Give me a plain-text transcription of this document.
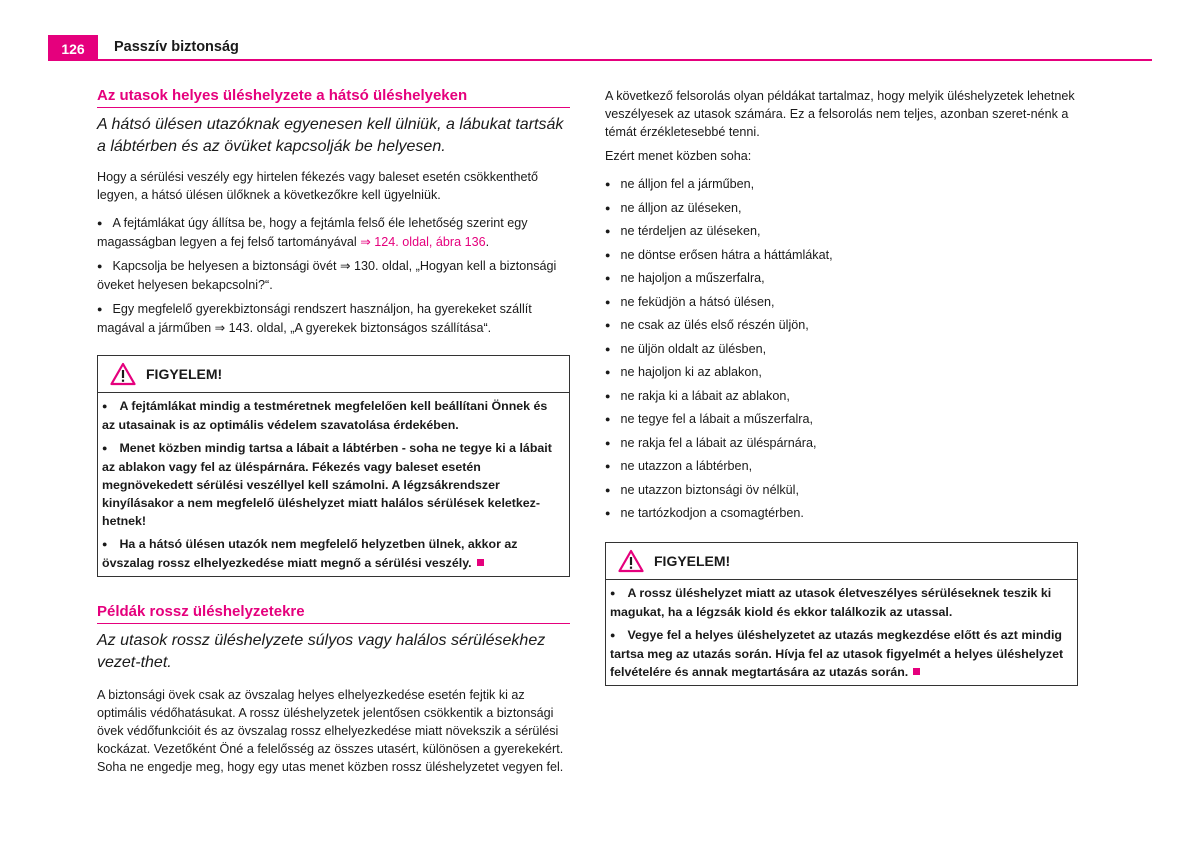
126	Passzív biztonság
Az utasok helyes üléshelyzete a hátsó üléshelyeken

A hátsó ülésen utazóknak egyenesen kell ülniük, a lábukat tartsák a lábtérben és az övüket kapcsolják be helyesen.

Hogy a sérülési veszély egy hirtelen fékezés vagy baleset esetén csökkenthető legyen, a hátsó ülésen ülőknek a következőkre kell ügyelniük.

● A fejtámlákat úgy állítsa be, hogy a fejtámla felső éle lehetőség szerint egy magasságban legyen a fej felső tartományával ⇒ 124. oldal, ábra 136.

● Kapcsolja be helyesen a biztonsági övét ⇒ 130. oldal, „Hogyan kell a biztonsági öveket helyesen bekapcsolni?“.

● Egy megfelelő gyerekbiztonsági rendszert használjon, ha gyerekeket szállít magával a járműben ⇒ 143. oldal, „A gyerekek biztonságos szállítása“.

FIGYELEM!

● A fejtámlákat mindig a testméretnek megfelelően kell beállítani Önnek és az utasainak is az optimális védelem szavatolása érdekében.

● Menet közben mindig tartsa a lábait a lábtérben - soha ne tegye ki a lábait az ablakon vagy fel az üléspárnára. Fékezés vagy baleset esetén megnövekedett sérülési veszéllyel kell számolni. A légzsákrendszer kinyílásakor a nem megfelelő üléshelyzet miatt halálos sérülések keletkez-hetnek!

● Ha a hátsó ülésen utazók nem megfelelő helyzetben ülnek, akkor az övszalag rossz elhelyezkedése miatt megnő a sérülési veszély.

Példák rossz üléshelyzetekre

Az utasok rossz üléshelyzete súlyos vagy halálos sérülésekhez vezet-thet.

A biztonsági övek csak az övszalag helyes elhelyezkedése esetén fejtik ki az optimális védőhatásukat. A rossz üléshelyzetek jelentősen csökkentik a biztonsági övek védőfunkcióit és az övszalag rossz elhelyezkedése miatt növekszik a sérülési kockázat. Vezetőként Öné a felelősség az összes utasért, különösen a gyerekekért. Soha ne engedje meg, hogy egy utas menet közben rossz üléshelyzetet vegyen fel.

A következő felsorolás olyan példákat tartalmaz, hogy melyik üléshelyzetek lehetnek veszélyesek az utasok számára. Ez a felsorolás nem teljes, azonban szeret-nénk a témát érzékletesebbé tenni.

Ezért menet közben soha:

● ne álljon fel a járműben,
● ne álljon az üléseken,
● ne térdeljen az üléseken,
● ne döntse erősen hátra a háttámlákat,
● ne hajoljon a műszerfalra,
● ne feküdjön a hátsó ülésen,
● ne csak az ülés első részén üljön,
● ne üljön oldalt az ülésben,
● ne hajoljon ki az ablakon,
● ne rakja ki a lábait az ablakon,
● ne tegye fel a lábait a műszerfalra,
● ne rakja fel a lábait az üléspárnára,
● ne utazzon a lábtérben,
● ne utazzon biztonsági öv nélkül,
● ne tartózkodjon a csomagtérben.
FIGYELEM!

● A rossz üléshelyzet miatt az utasok életveszélyes sérüléseknek teszik ki magukat, ha a légzsák kiold és ekkor találkozik az utassal.

● Vegye fel a helyes üléshelyzetet az utazás megkezdése előtt és azt mindig tartsa meg az utazás során. Hívja fel az utasok figyelmét a helyes üléshelyzet felvételére és annak megtartására az utazás során.
